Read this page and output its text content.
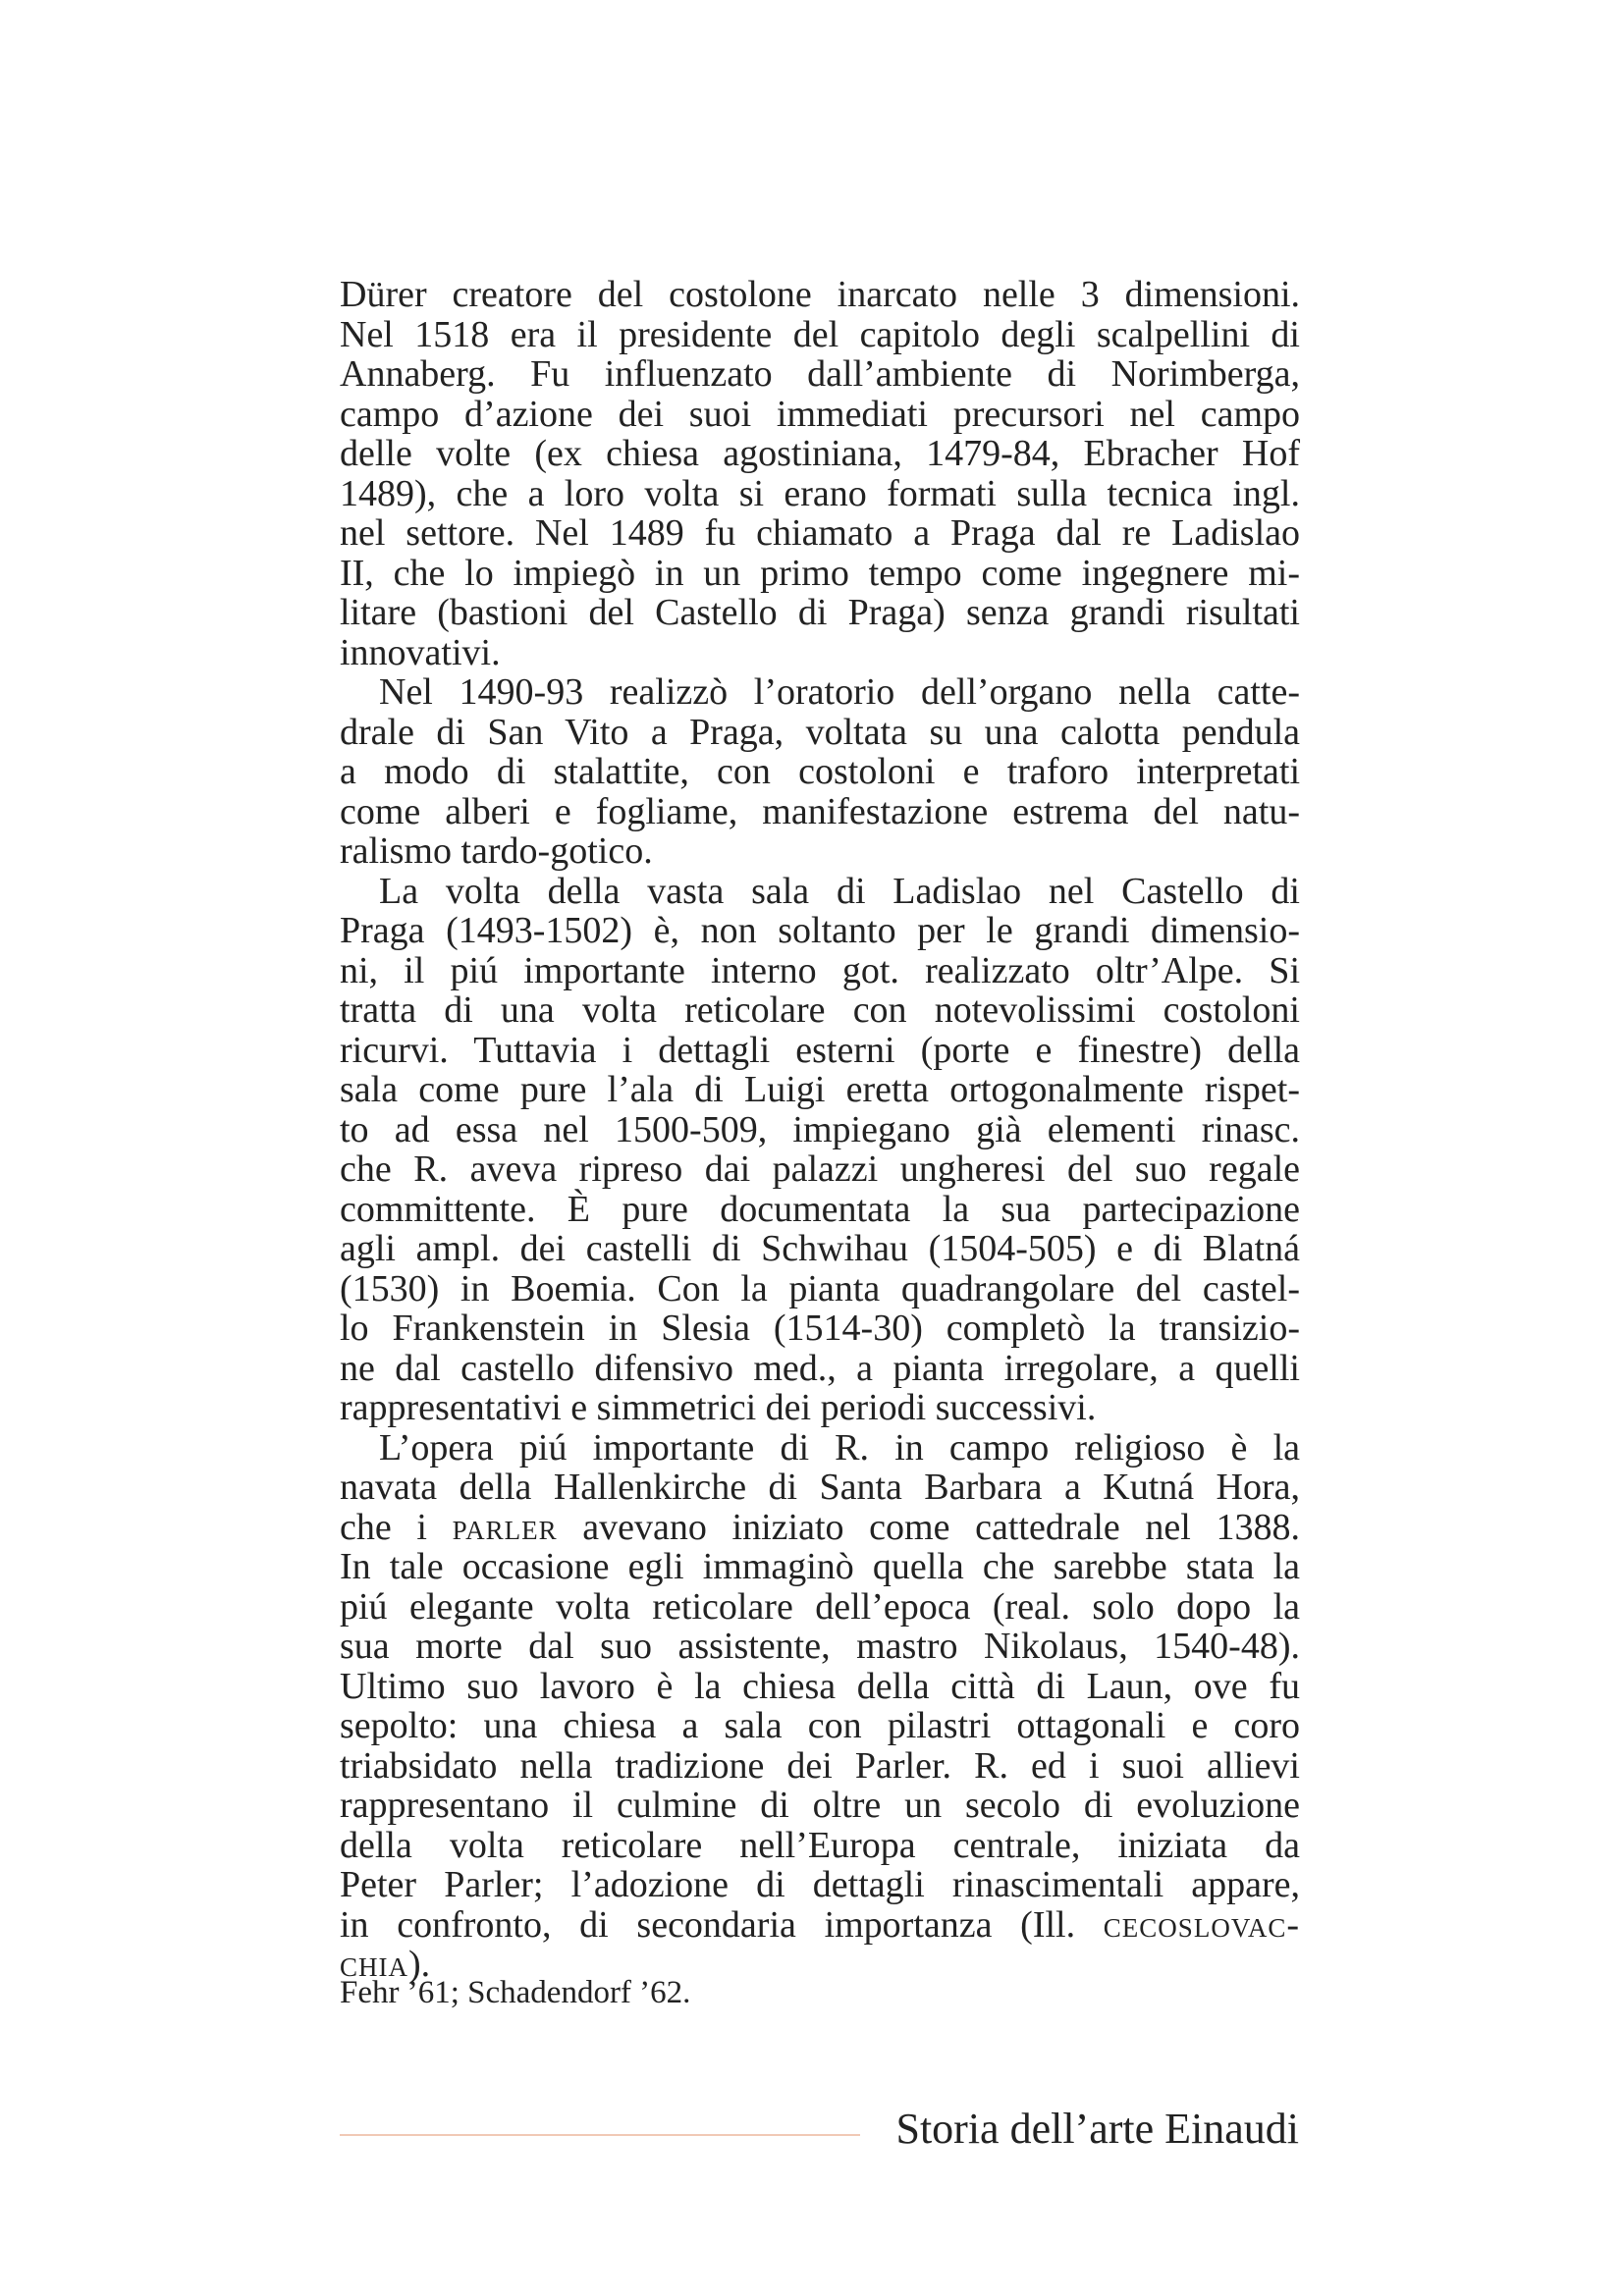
Dürer creatore del costolone inarcato nelle 3 dimensioni.
Nel 1518 era il presidente del capitolo degli scalpellini di
Annaberg. Fu influenzato dall’ambiente di Norimberga,
campo d’azione dei suoi immediati precursori nel campo
delle volte (ex chiesa agostiniana, 1479-84, Ebracher Hof
1489), che a loro volta si erano formati sulla tecnica ingl.
nel settore. Nel 1489 fu chiamato a Praga dal re Ladislao
II, che lo impiegò in un primo tempo come ingegnere mi-
litare (bastioni del Castello di Praga) senza grandi risultati
innovativi.
Nel 1490-93 realizzò l’oratorio dell’organo nella catte-
drale di San Vito a Praga, voltata su una calotta pendula
a modo di stalattite, con costoloni e traforo interpretati
come alberi e fogliame, manifestazione estrema del natu-
ralismo tardo-gotico.
La volta della vasta sala di Ladislao nel Castello di
Praga (1493-1502) è, non soltanto per le grandi dimensio-
ni, il piú importante interno got. realizzato oltr’Alpe. Si
tratta di una volta reticolare con notevolissimi costoloni
ricurvi. Tuttavia i dettagli esterni (porte e finestre) della
sala come pure l’ala di Luigi eretta ortogonalmente rispet-
to ad essa nel 1500-509, impiegano già elementi rinasc.
che R. aveva ripreso dai palazzi ungheresi del suo regale
committente. È pure documentata la sua partecipazione
agli ampl. dei castelli di Schwihau (1504-505) e di Blatná
(1530) in Boemia. Con la pianta quadrangolare del castel-
lo Frankenstein in Slesia (1514-30) completò la transizio-
ne dal castello difensivo med., a pianta irregolare, a quelli
rappresentativi e simmetrici dei periodi successivi.
L’opera piú importante di R. in campo religioso è la
navata della Hallenkirche di Santa Barbara a Kutná Hora,
che i parler avevano iniziato come cattedrale nel 1388.
In tale occasione egli immaginò quella che sarebbe stata la
piú elegante volta reticolare dell’epoca (real. solo dopo la
sua morte dal suo assistente, mastro Nikolaus, 1540-48).
Ultimo suo lavoro è la chiesa della città di Laun, ove fu
sepolto: una chiesa a sala con pilastri ottagonali e coro
triabsidato nella tradizione dei Parler. R. ed i suoi allievi
rappresentano il culmine di oltre un secolo di evoluzione
della volta reticolare nell’Europa centrale, iniziata da
Peter Parler; l’adozione di dettagli rinascimentali appare,
in confronto, di secondaria importanza (Ill. cecoslovac-
chia).

Fehr ’61; Schadendorf ’62.

Storia dell’arte Einaudi
